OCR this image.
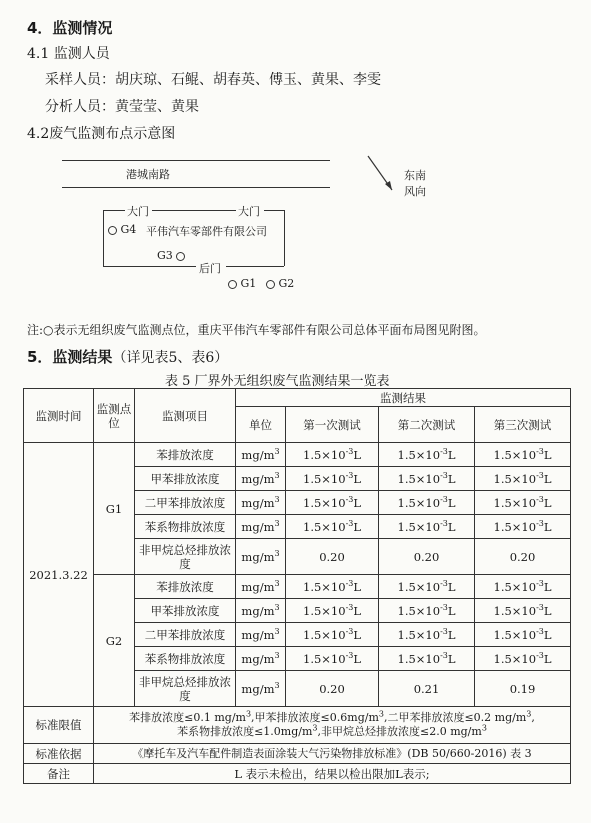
4．监测情况
4.1 监测人员
采样人员：胡庆琼、石鲲、胡春英、傅玉、黄果、李雯
分析人员：黄莹莹、黄果
4.2废气监测布点示意图
港城南路	东南
风向
大门	大门
G4 平伟汽车零部件有限公司
G3
后门
G1	G2
注:○表示无组织废气监测点位，重庆平伟汽车零部件有限公司总体平面布局图见附图。
5．监测结果（详见表5、表6）
表 5 厂界外无组织废气监测结果一览表
监测时间	监测点位	监测项目	监测结果			
			单位	第一次测试	第二次测试	第三次测试
2021.3.22	G1	苯排放浓度	$mg/m^3$	$1.5\times 10^{-3}L$	$1.5\times 10^{-3}L$	$1.5\times 10^{-3}L$
		甲苯排放浓度	$mg/m^3$	$1.5\times 10^{-3}L$	$1.5\times 10^{-3}L$	$1.5\times 10^{-3}L$
		二甲苯排放浓度	$mg/m^3$	$1.5\times 10^{-3}L$	$1.5\times 10^{-3}L$	$1.5\times 10^{-3}L$
		苯系物排放浓度	$mg/m^3$	$1.5\times 10^{-3}L$	$1.5\times 10^{-3}L$	$1.5\times 10^{-3}L$
		非甲烷总烃排放浓度	$mg/m^3$	0.20	0.20	0.20
	G2	苯排放浓度	$mg/m^3$	$1.5\times 10^{-3}L$	$1.5\times 10^{-3}L$	$1.5\times 10^{-3}L$
		甲苯排放浓度	$mg/m^3$	$1.5\times 10^{-3}L$	$1.5\times 10^{-3}L$	$1.5\times 10^{-3}L$
		二甲苯排放浓度	$mg/m^3$	$1.5\times 10^{-3}L$	$1.5\times 10^{-3}L$	$1.5\times 10^{-3}L$
		苯系物排放浓度	$mg/m^3$	$1.5\times 10^{-3}L$	$1.5\times 10^{-3}L$	$1.5\times 10^{-3}L$
		非甲烷总烃排放浓度	$mg/m^3$	0.20	0.21	0.19
标准限值	苯排放浓度≤0.1 $mg/m^3$,甲苯排放浓度$\le 0.6mg/m^3$,二甲苯排放浓度≤0.2 $mg/m^3$,
苯系物排放浓度$\le 1.0mg/m^3$,非甲烷总烃排放浓度≤2.0 $mg/m^3$

标准依据	《摩托车及汽车配件制造表面涂装大气污染物排放标准》(DB 50/660-2016) 表 3					
备注	L 表示未检出，结果以检出限加L表示;					
